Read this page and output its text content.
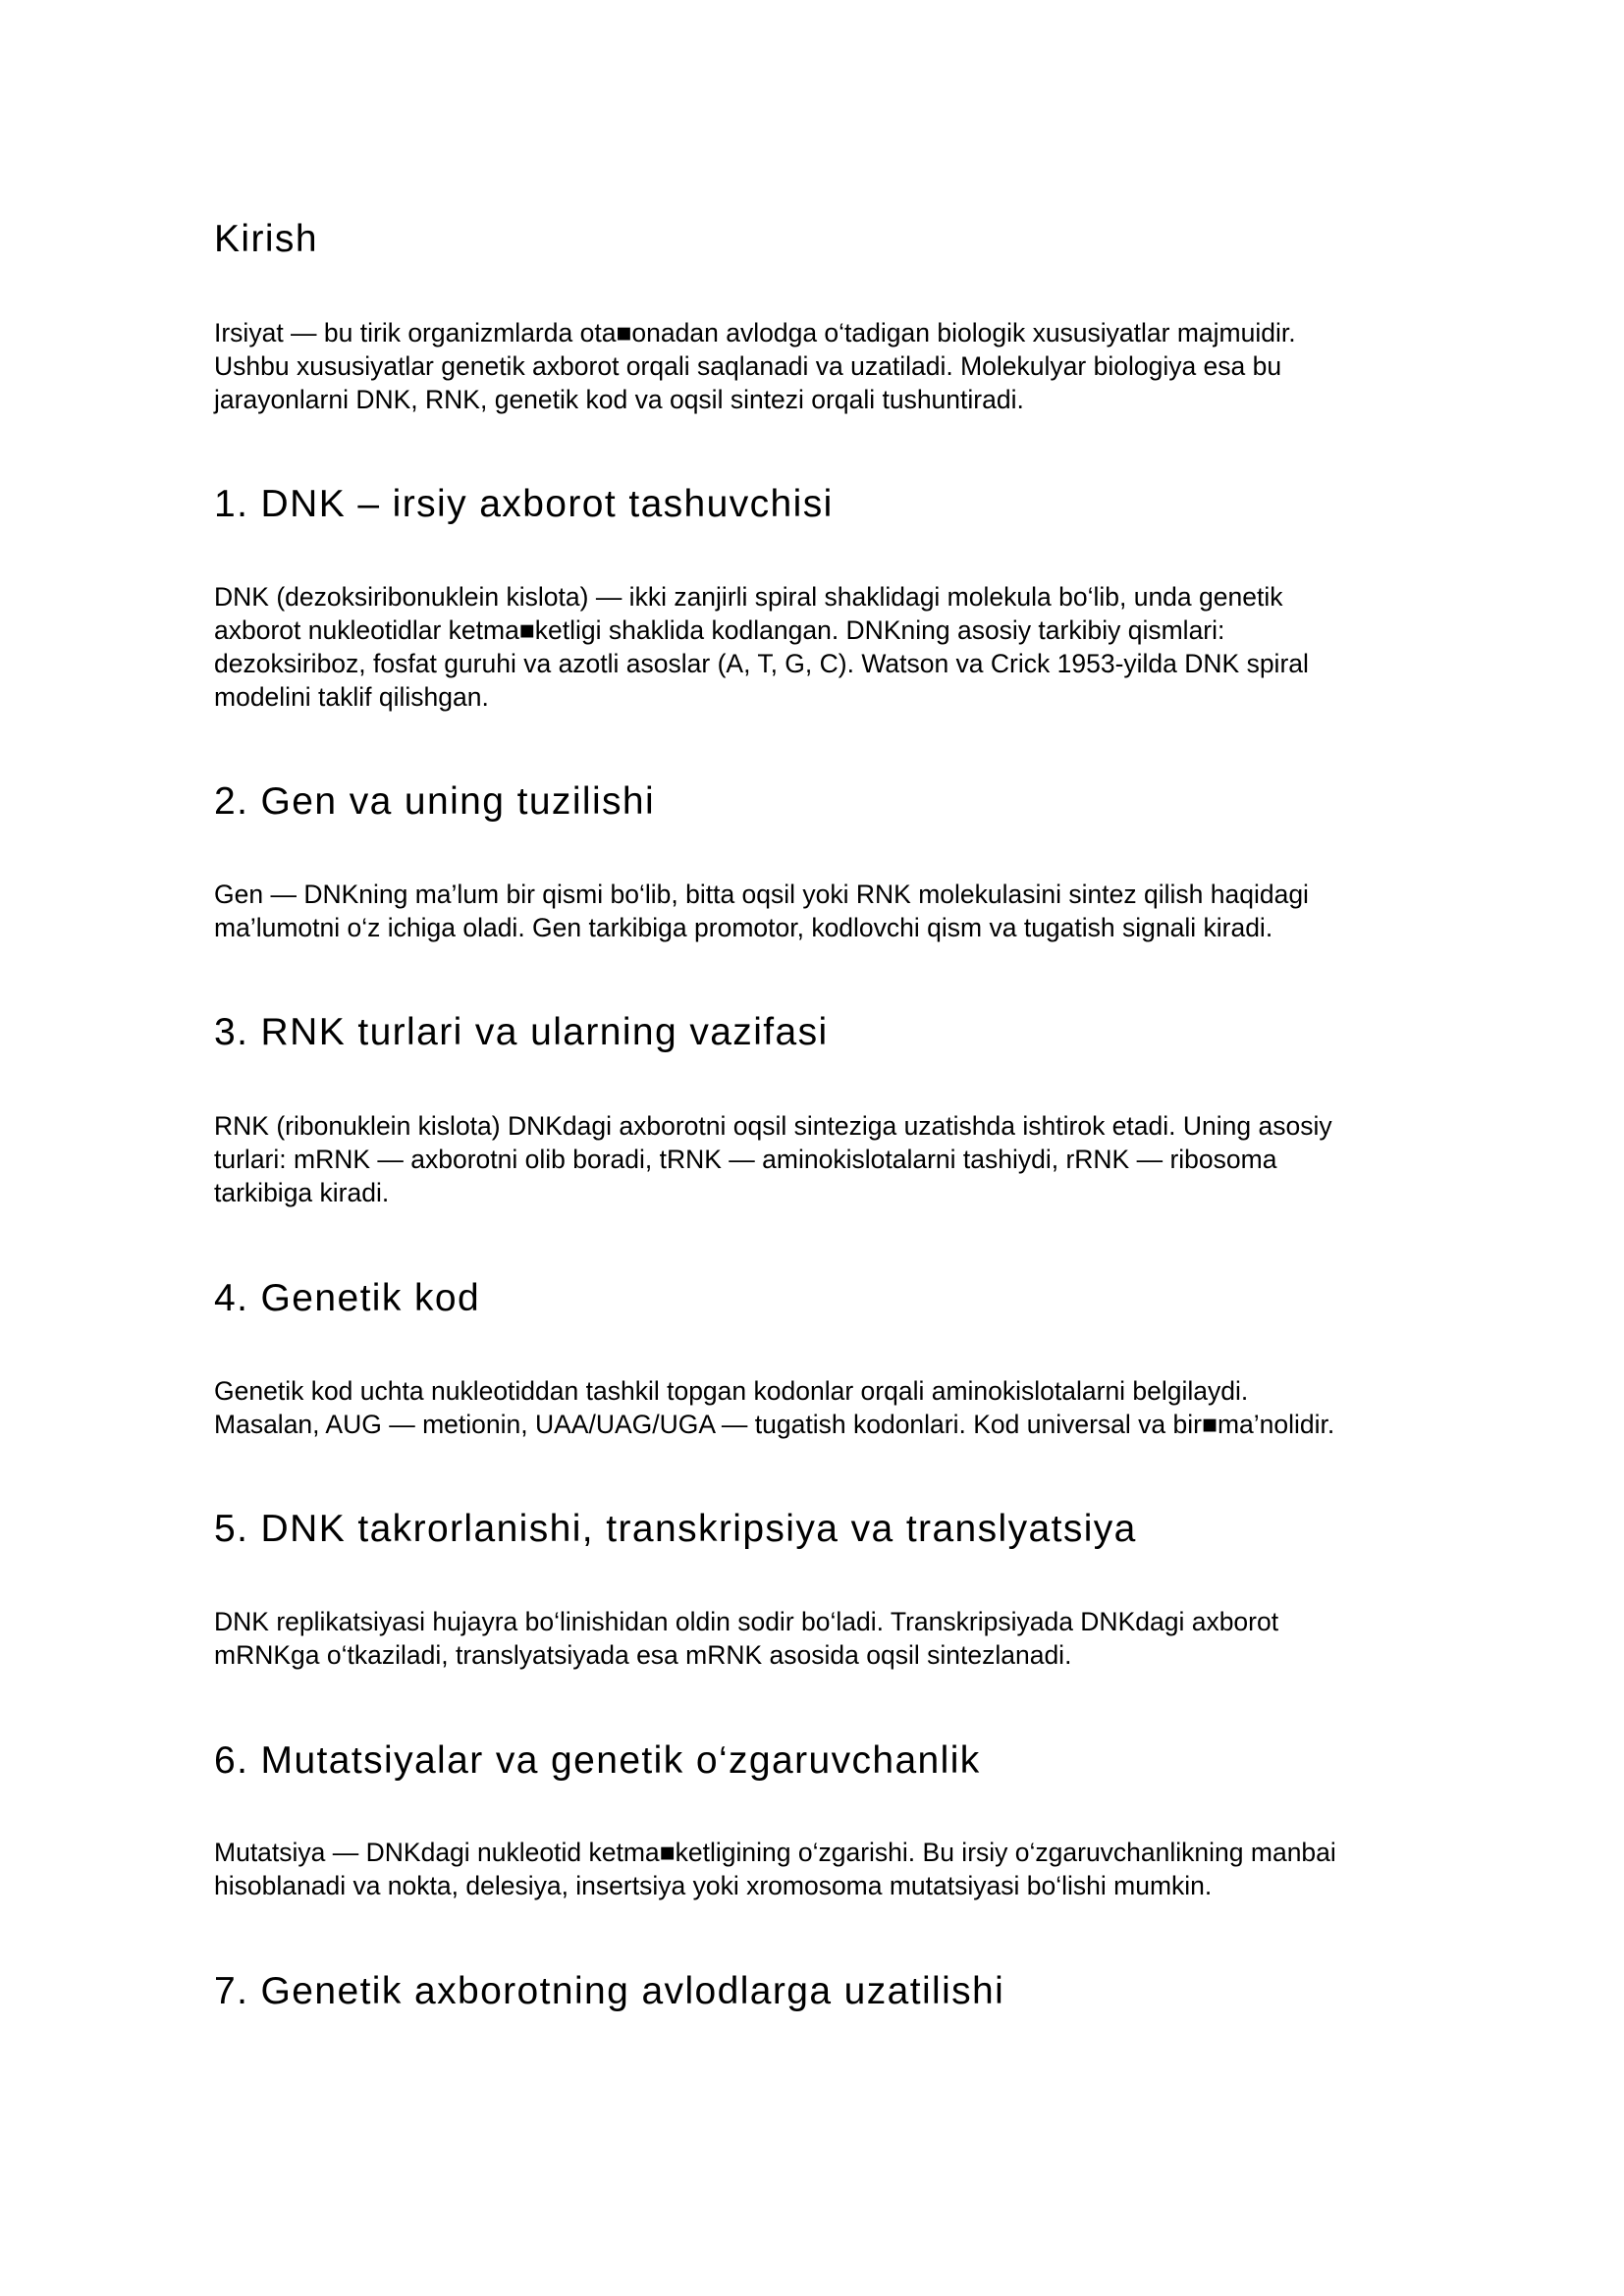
Kirish

Irsiyat — bu tirik organizmlarda ota■onadan avlodga o‘tadigan biologik xususiyatlar majmuidir.
Ushbu xususiyatlar genetik axborot orqali saqlanadi va uzatiladi. Molekulyar biologiya esa bu
jarayonlarni DNK, RNK, genetik kod va oqsil sintezi orqali tushuntiradi.

1. DNK – irsiy axborot tashuvchisi

DNK (dezoksiribonuklein kislota) — ikki zanjirli spiral shaklidagi molekula bo‘lib, unda genetik
axborot nukleotidlar ketma■ketligi shaklida kodlangan. DNKning asosiy tarkibiy qismlari:
dezoksiriboz, fosfat guruhi va azotli asoslar (A, T, G, C). Watson va Crick 1953-yilda DNK spiral
modelini taklif qilishgan.

2. Gen va uning tuzilishi

Gen — DNKning ma’lum bir qismi bo‘lib, bitta oqsil yoki RNK molekulasini sintez qilish haqidagi
ma’lumotni o‘z ichiga oladi. Gen tarkibiga promotor, kodlovchi qism va tugatish signali kiradi.

3. RNK turlari va ularning vazifasi

RNK (ribonuklein kislota) DNKdagi axborotni oqsil sinteziga uzatishda ishtirok etadi. Uning asosiy
turlari: mRNK — axborotni olib boradi, tRNK — aminokislotalarni tashiydi, rRNK — ribosoma
tarkibiga kiradi.

4. Genetik kod

Genetik kod uchta nukleotiddan tashkil topgan kodonlar orqali aminokislotalarni belgilaydi.
Masalan, AUG — metionin, UAA/UAG/UGA — tugatish kodonlari. Kod universal va bir■ma’nolidir.

5. DNK takrorlanishi, transkripsiya va translyatsiya

DNK replikatsiyasi hujayra bo‘linishidan oldin sodir bo‘ladi. Transkripsiyada DNKdagi axborot
mRNKga o‘tkaziladi, translyatsiyada esa mRNK asosida oqsil sintezlanadi.

6. Mutatsiyalar va genetik o‘zgaruvchanlik

Mutatsiya — DNKdagi nukleotid ketma■ketligining o‘zgarishi. Bu irsiy o‘zgaruvchanlikning manbai
hisoblanadi va nokta, delesiya, insertsiya yoki xromosoma mutatsiyasi bo‘lishi mumkin.

7. Genetik axborotning avlodlarga uzatilishi
